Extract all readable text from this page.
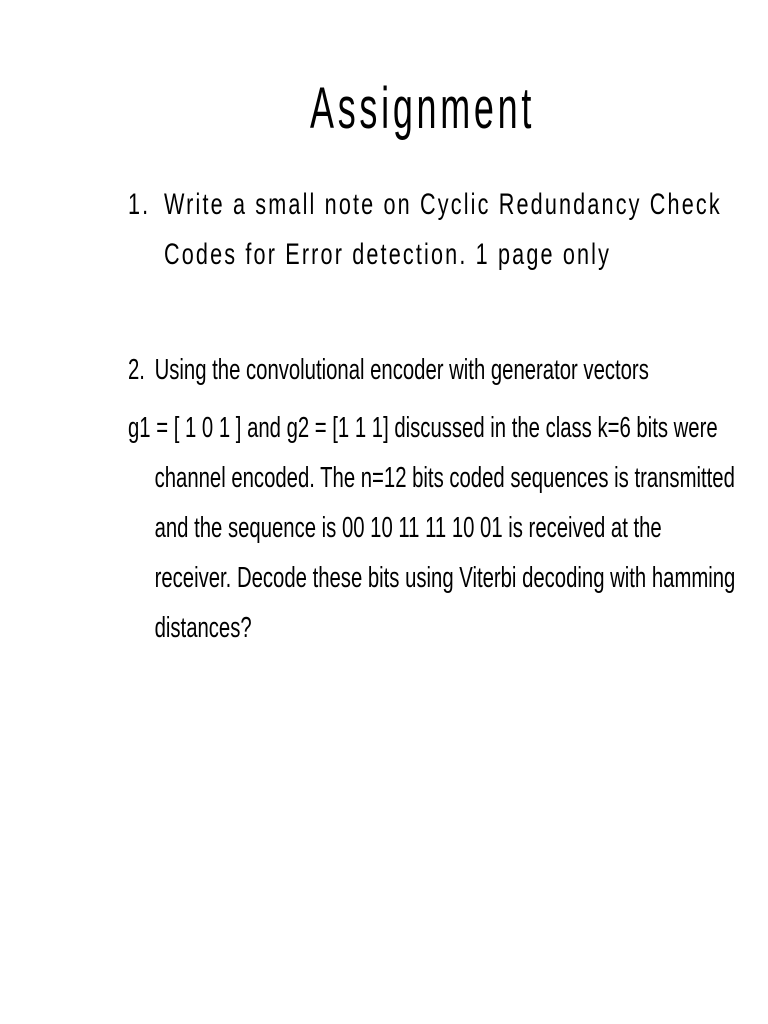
Assignment
1. Write a small note on Cyclic Redundancy Check
Codes for Error detection. 1 page only
2. Using the convolutional encoder with generator vectors
g1 = [ 1 0 1 ] and g2 = [1 1 1] discussed in the class k=6 bits were
channel encoded. The n=12 bits coded sequences is transmitted
and the sequence is 00 10 11 11 10 01 is received at the
receiver. Decode these bits using Viterbi decoding with hamming
distances?
